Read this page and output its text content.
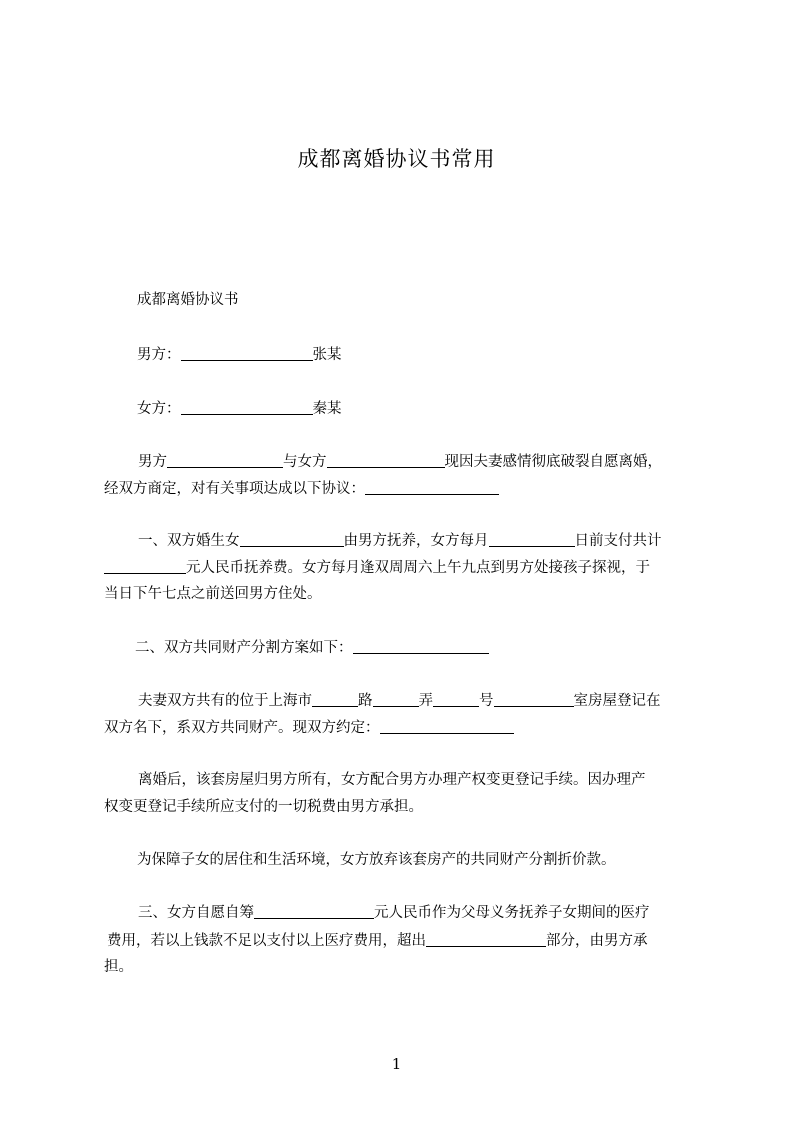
成都离婚协议书常用
成都离婚协议书
男方：	张某
女方：	秦某
男方	与女方	现因夫妻感情彻底破裂自愿离婚，
经双方商定，对有关事项达成以下协议：
一、双方婚生女	由男方抚养，女方每月	日前支付共计
元人民币抚养费。女方每月逢双周周六上午九点到男方处接孩子探视，于
当日下午七点之前送回男方住处。
二、双方共同财产分割方案如下：
夫妻双方共有的位于上海市	路	弄	号	室房屋登记在
双方名下，系双方共同财产。现双方约定：
离婚后，该套房屋归男方所有，女方配合男方办理产权变更登记手续。因办理产
权变更登记手续所应支付的一切税费由男方承担。
为保障子女的居住和生活环境，女方放弃该套房产的共同财产分割折价款。
三、女方自愿自筹	元人民币作为父母义务抚养子女期间的医疗
费用，若以上钱款不足以支付以上医疗费用，超出	部分，由男方承
担。
1
